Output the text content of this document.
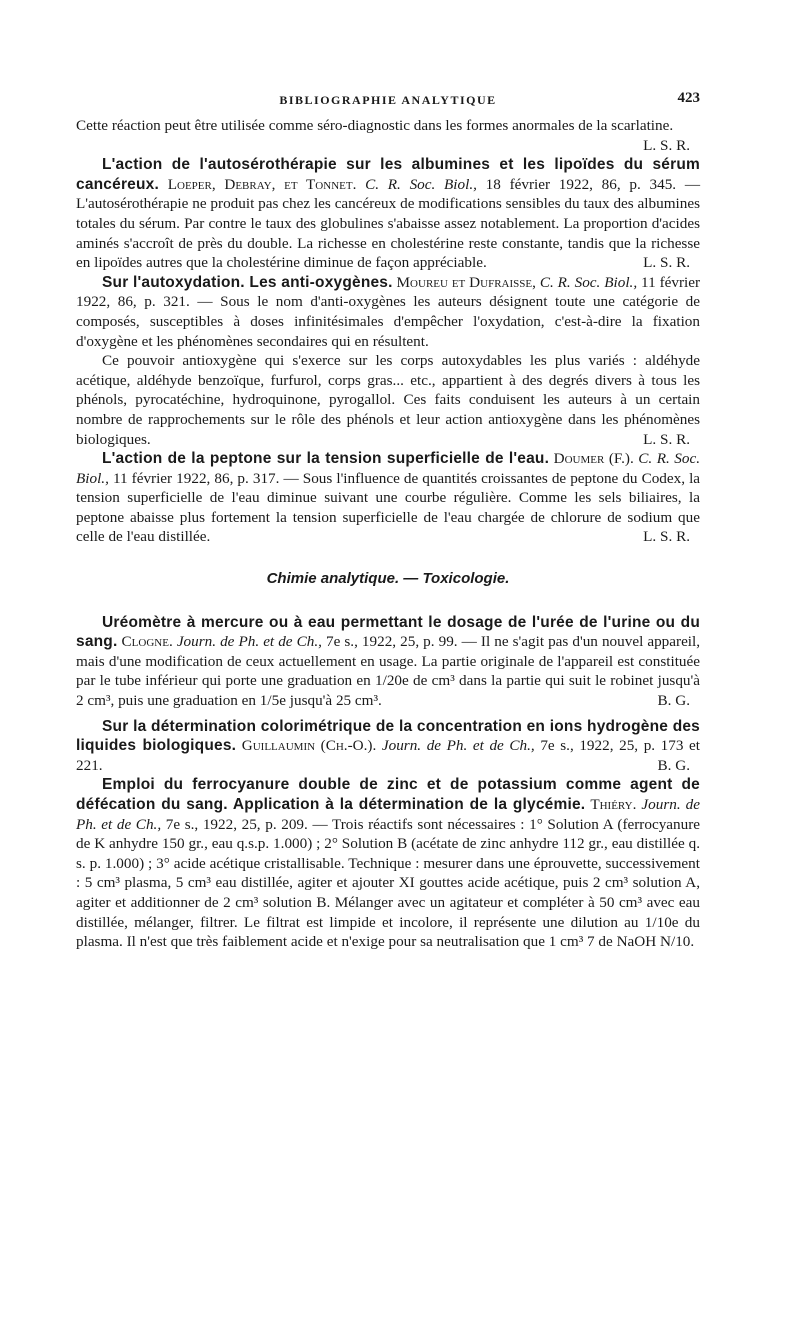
BIBLIOGRAPHIE ANALYTIQUE	423

Cette réaction peut être utilisée comme séro-diagnostic dans les formes anormales de la scarlatine.
L. S. R.

L'action de l'autosérothérapie sur les albumines et les lipoïdes du sérum cancéreux. Loeper, Debray, et Tonnet. C. R. Soc. Biol., 18 février 1922, 86, p. 345. — L'autosérothérapie ne produit pas chez les cancéreux de modifications sensibles du taux des albumines totales du sérum. Par contre le taux des globulines s'abaisse assez notablement. La proportion d'acides aminés s'accroît de près du double. La richesse en cholestérine reste constante, tandis que la richesse en lipoïdes autres que la cholestérine diminue de façon appréciable.	L. S. R.

Sur l'autoxydation. Les anti-oxygènes. Moureu et Dufraisse, C. R. Soc. Biol., 11 février 1922, 86, p. 321. — Sous le nom d'anti-oxygènes les auteurs désignent toute une catégorie de composés, susceptibles à doses infinitésimales d'empêcher l'oxydation, c'est-à-dire la fixation d'oxygène et les phénomènes secondaires qui en résultent.

Ce pouvoir antioxygène qui s'exerce sur les corps autoxydables les plus variés : aldéhyde acétique, aldéhyde benzoïque, furfurol, corps gras... etc., appartient à des degrés divers à tous les phénols, pyrocatéchine, hydroquinone, pyrogallol. Ces faits conduisent les auteurs à un certain nombre de rapprochements sur le rôle des phénols et leur action antioxygène dans les phénomènes biologiques.	L. S. R.

L'action de la peptone sur la tension superficielle de l'eau. Doumer (F.). C. R. Soc. Biol., 11 février 1922, 86, p. 317. — Sous l'influence de quantités croissantes de peptone du Codex, la tension superficielle de l'eau diminue suivant une courbe régulière. Comme les sels biliaires, la peptone abaisse plus fortement la tension superficielle de l'eau chargée de chlorure de sodium que celle de l'eau distillée.	L. S. R.

Chimie analytique. — Toxicologie.

Uréomètre à mercure ou à eau permettant le dosage de l'urée de l'urine ou du sang. Clogne. Journ. de Ph. et de Ch., 7e s., 1922, 25, p. 99. — Il ne s'agit pas d'un nouvel appareil, mais d'une modification de ceux actuellement en usage. La partie originale de l'appareil est constituée par le tube inférieur qui porte une graduation en 1/20e de cm³ dans la partie qui suit le robinet jusqu'à 2 cm³, puis une graduation en 1/5e jusqu'à 25 cm³.	B. G.

Sur la détermination colorimétrique de la concentration en ions hydrogène des liquides biologiques. Guillaumin (Ch.-O.). Journ. de Ph. et de Ch., 7e s., 1922, 25, p. 173 et 221.	B. G.

Emploi du ferrocyanure double de zinc et de potassium comme agent de défécation du sang. Application à la détermination de la glycémie. Thiéry. Journ. de Ph. et de Ch., 7e s., 1922, 25, p. 209. — Trois réactifs sont nécessaires : 1° Solution A (ferrocyanure de K anhydre 150 gr., eau q.s.p. 1.000) ; 2° Solution B (acétate de zinc anhydre 112 gr., eau distillée q. s. p. 1.000) ; 3° acide acétique cristallisable. Technique : mesurer dans une éprouvette, successivement : 5 cm³ plasma, 5 cm³ eau distillée, agiter et ajouter XI gouttes acide acétique, puis 2 cm³ solution A, agiter et additionner de 2 cm³ solution B. Mélanger avec un agitateur et compléter à 50 cm³ avec eau distillée, mélanger, filtrer. Le filtrat est limpide et incolore, il représente une dilution au 1/10e du plasma. Il n'est que très faiblement acide et n'exige pour sa neutralisation que 1 cm³ 7 de NaOH N/10.
